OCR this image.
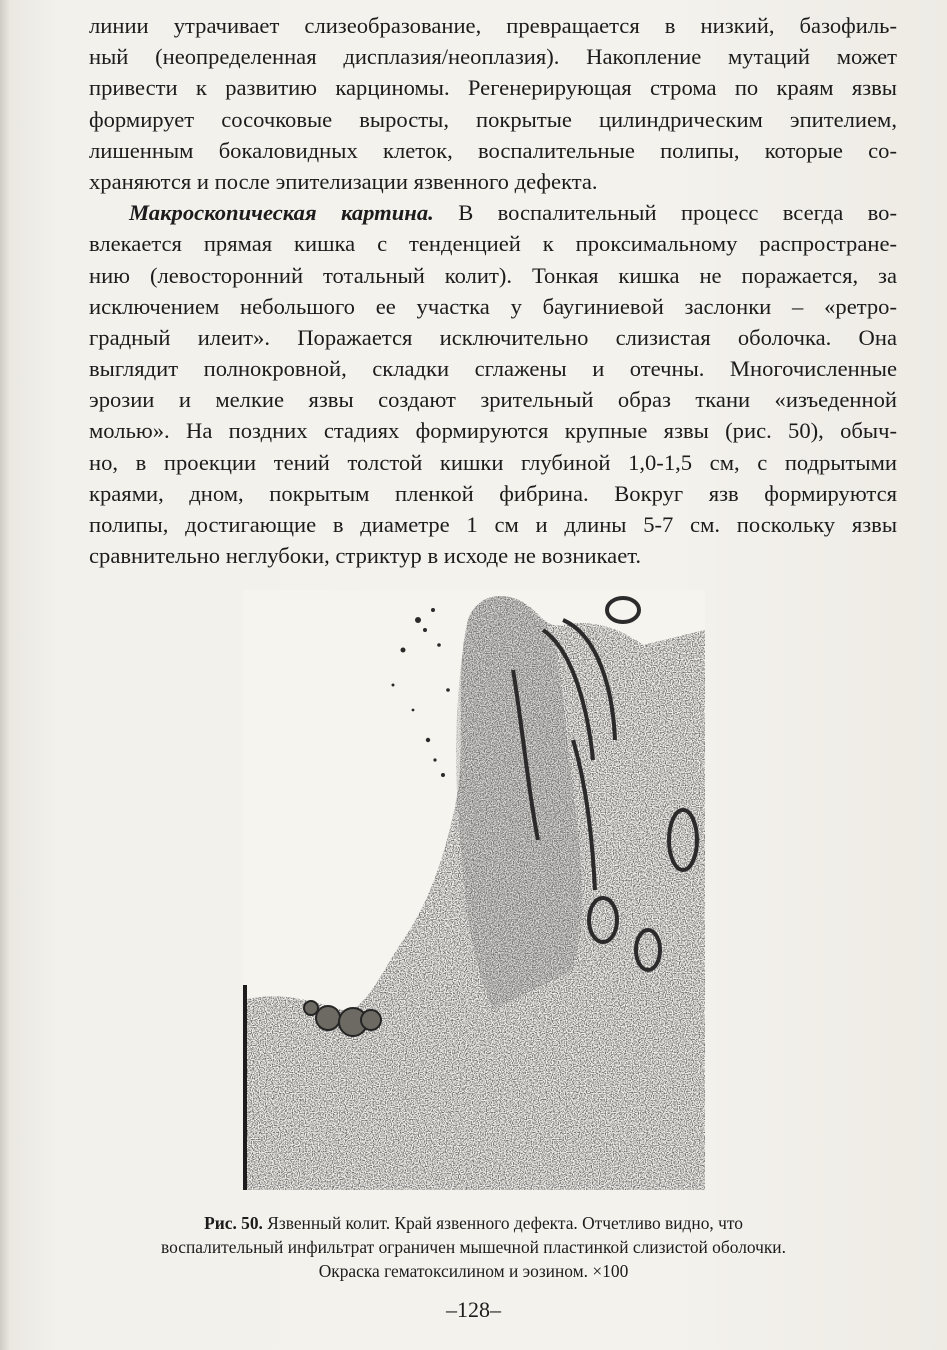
линии утрачивает слизеобразование, превращается в низкий, базофиль-
ный (неопределенная дисплазия/неоплазия). Накопление мутаций может
привести к развитию карциномы. Регенерирующая строма по краям язвы
формирует сосочковые выросты, покрытые цилиндрическим эпителием,
лишенным бокаловидных клеток, воспалительные полипы, которые со-
храняются и после эпителизации язвенного дефекта.
Макроскопическая картина. В воспалительный процесс всегда во-
влекается прямая кишка с тенденцией к проксимальному распростране-
нию (левосторонний тотальный колит). Тонкая кишка не поражается, за
исключением небольшого ее участка у баугиниевой заслонки – «ретро-
градный илеит». Поражается исключительно слизистая оболочка. Она
выглядит полнокровной, складки сглажены и отечны. Многочисленные
эрозии и мелкие язвы создают зрительный образ ткани «изъеденной
молью». На поздних стадиях формируются крупные язвы (рис. 50), обыч-
но, в проекции тений толстой кишки глубиной 1,0-1,5 см, с подрытыми
краями, дном, покрытым пленкой фибрина. Вокруг язв формируются
полипы, достигающие в диаметре 1 см и длины 5-7 см. поскольку язвы
сравнительно неглубоки, стриктур в исходе не возникает.
Рис. 50. Язвенный колит. Край язвенного дефекта. Отчетливо видно, что
воспалительный инфильтрат ограничен мышечной пластинкой слизистой оболочки.
Окраска гематоксилином и эозином. ×100
–128–
